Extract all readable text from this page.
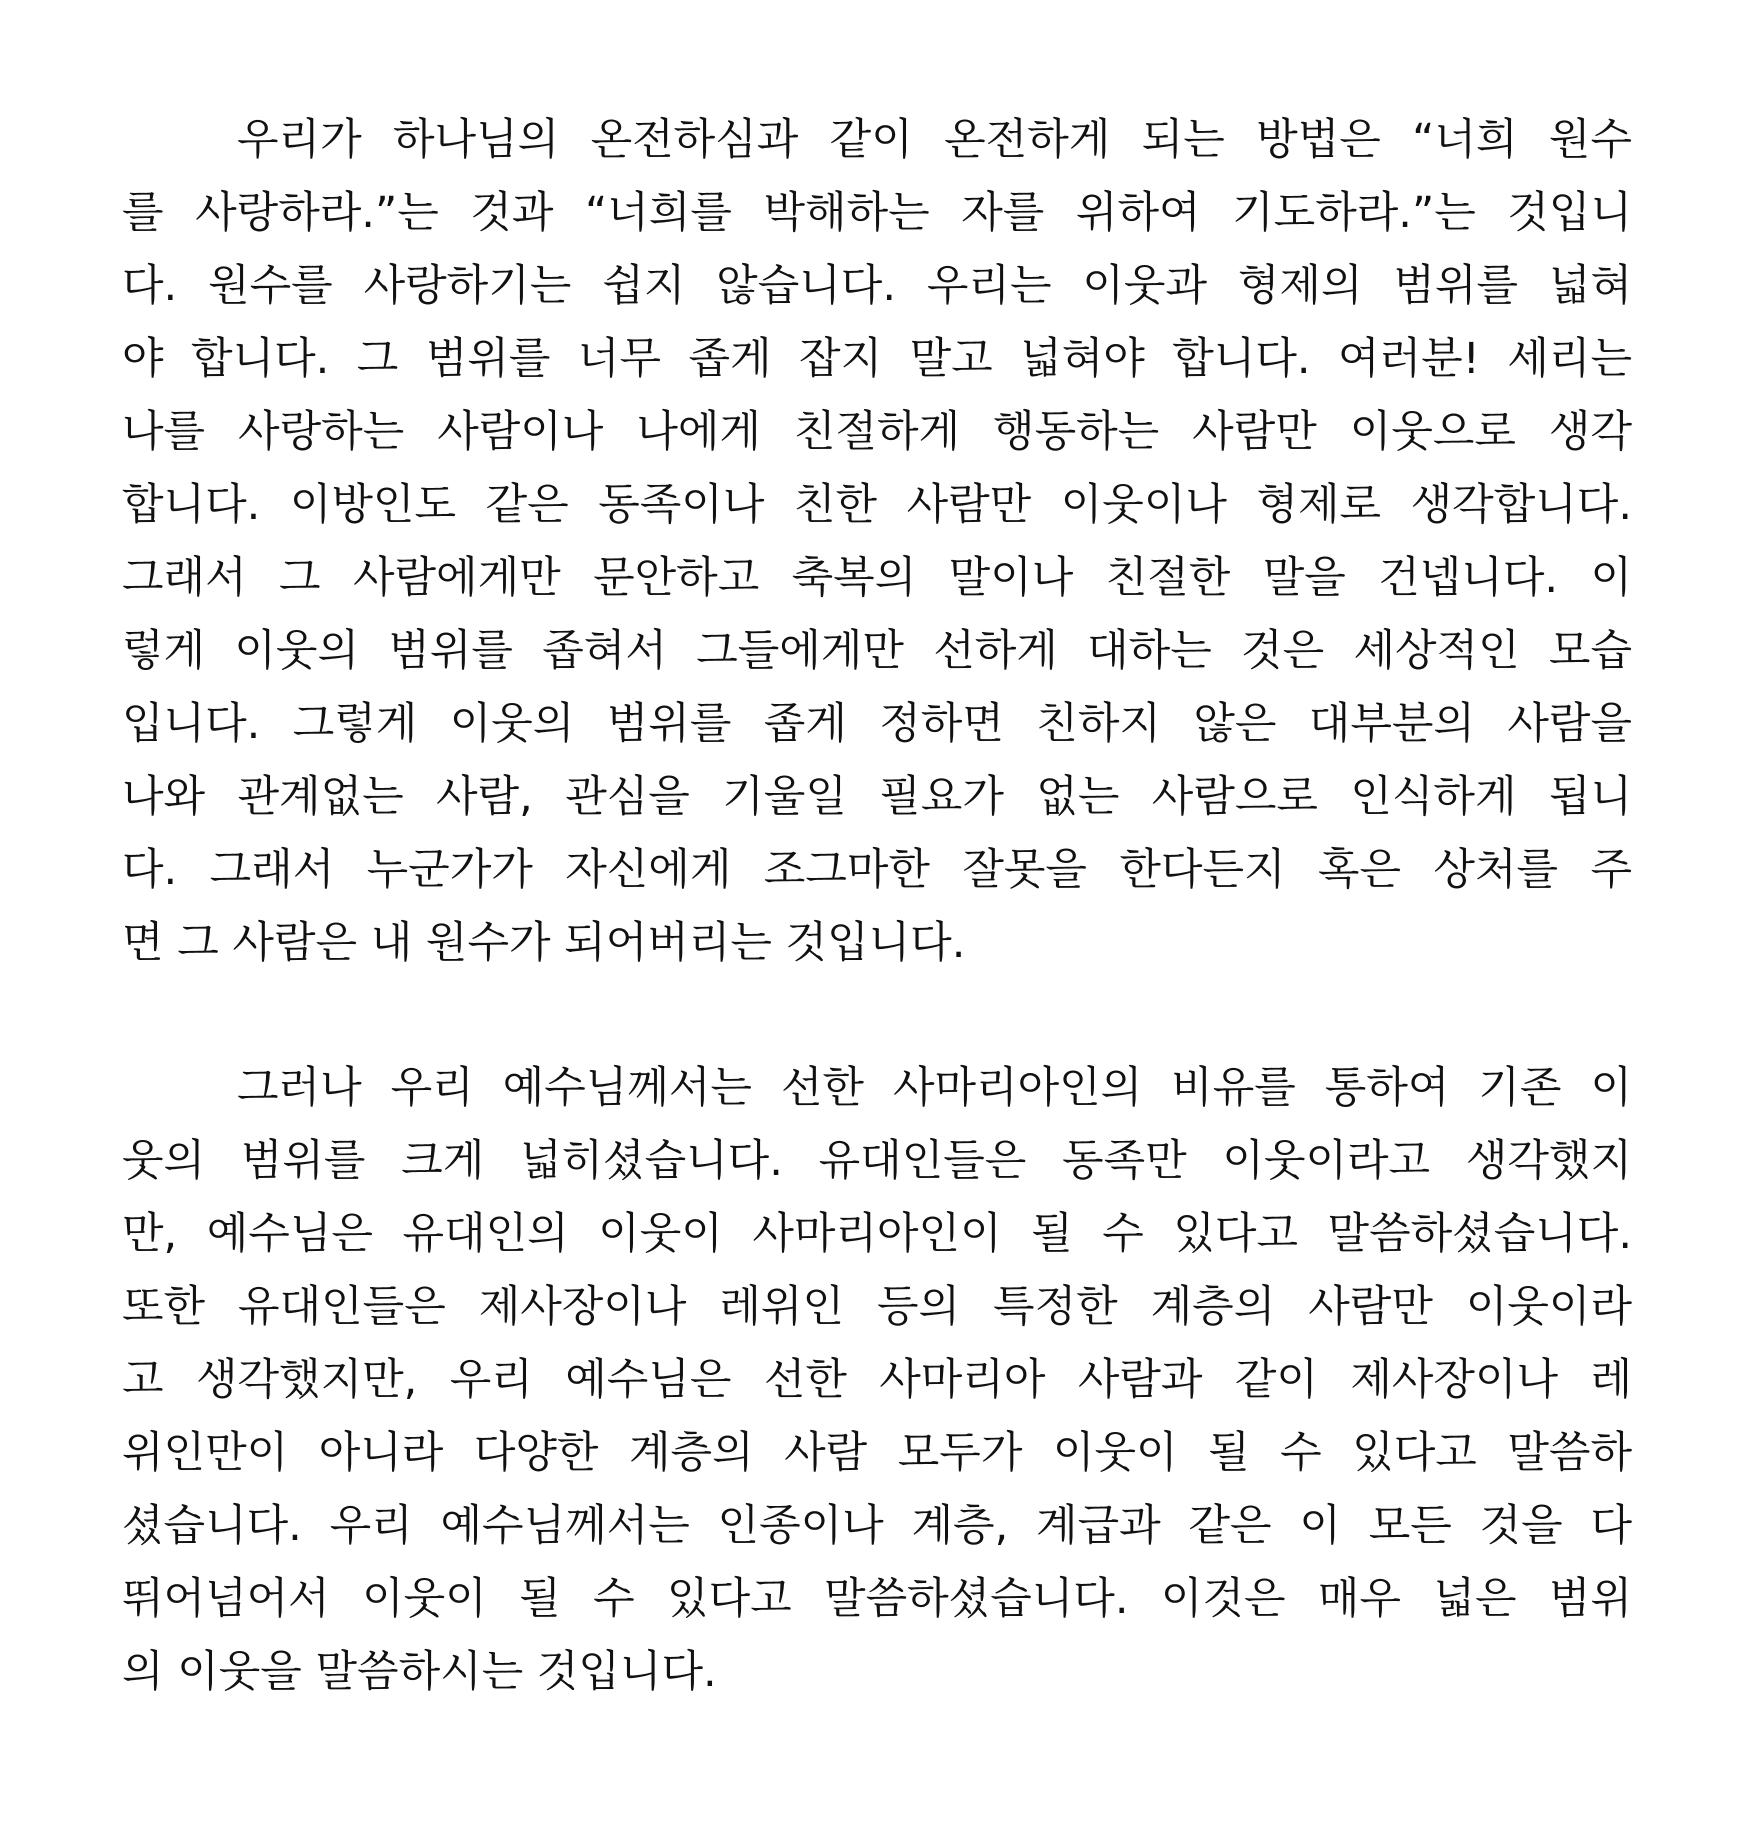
우리가 하나님의 온전하심과 같이 온전하게 되는 방법은 “너희 원수
를 사랑하라.”는 것과 “너희를 박해하는 자를 위하여 기도하라.”는 것입니
다. 원수를 사랑하기는 쉽지 않습니다. 우리는 이웃과 형제의 범위를 넓혀
야 합니다. 그 범위를 너무 좁게 잡지 말고 넓혀야 합니다. 여러분! 세리는
나를 사랑하는 사람이나 나에게 친절하게 행동하는 사람만 이웃으로 생각
합니다. 이방인도 같은 동족이나 친한 사람만 이웃이나 형제로 생각합니다.
그래서 그 사람에게만 문안하고 축복의 말이나 친절한 말을 건넵니다. 이
렇게 이웃의 범위를 좁혀서 그들에게만 선하게 대하는 것은 세상적인 모습
입니다. 그렇게 이웃의 범위를 좁게 정하면 친하지 않은 대부분의 사람을
나와 관계없는 사람, 관심을 기울일 필요가 없는 사람으로 인식하게 됩니
다. 그래서 누군가가 자신에게 조그마한 잘못을 한다든지 혹은 상처를 주
면 그 사람은 내 원수가 되어버리는 것입니다.
그러나 우리 예수님께서는 선한 사마리아인의 비유를 통하여 기존 이
웃의 범위를 크게 넓히셨습니다. 유대인들은 동족만 이웃이라고 생각했지
만, 예수님은 유대인의 이웃이 사마리아인이 될 수 있다고 말씀하셨습니다.
또한 유대인들은 제사장이나 레위인 등의 특정한 계층의 사람만 이웃이라
고 생각했지만, 우리 예수님은 선한 사마리아 사람과 같이 제사장이나 레
위인만이 아니라 다양한 계층의 사람 모두가 이웃이 될 수 있다고 말씀하
셨습니다. 우리 예수님께서는 인종이나 계층, 계급과 같은 이 모든 것을 다
뛰어넘어서 이웃이 될 수 있다고 말씀하셨습니다. 이것은 매우 넓은 범위
의 이웃을 말씀하시는 것입니다.
